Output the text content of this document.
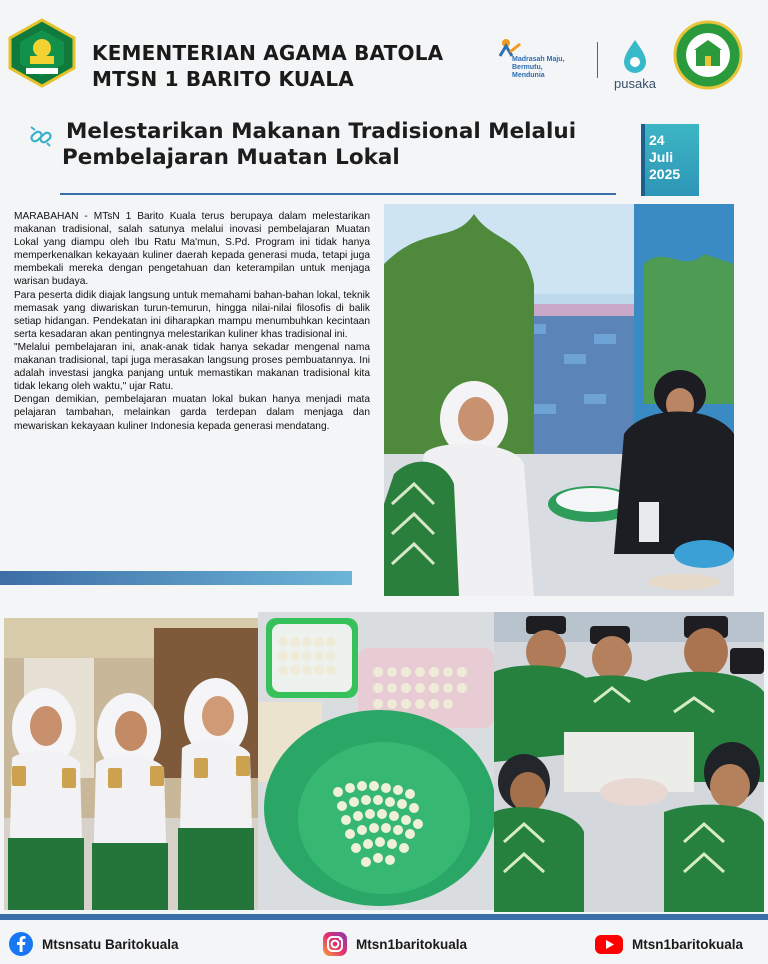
KEMENTERIAN AGAMA BATOLA
MTSN 1 BARITO KUALA
Madrasah Maju,
Bermutu,
Mendunia
pusaka
Melestarikan Makanan Tradisional Melalui
Pembelajaran Muatan Lokal
24
Juli
2025

MARABAHAN - MTsN 1 Barito Kuala terus berupaya dalam melestarikan makanan tradisional, salah satunya melalui inovasi pembelajaran Muatan Lokal yang diampu oleh Ibu Ratu Ma'mun, S.Pd. Program ini tidak hanya memperkenalkan kekayaan kuliner daerah kepada generasi muda, tetapi juga membekali mereka dengan pengetahuan dan keterampilan untuk menjaga warisan budaya.

Para peserta didik diajak langsung untuk memahami bahan-bahan lokal, teknik memasak yang diwariskan turun-temurun, hingga nilai-nilai filosofis di balik setiap hidangan. Pendekatan ini diharapkan mampu menumbuhkan kecintaan serta kesadaran akan pentingnya melestarikan kuliner khas tradisional ini.

"Melalui pembelajaran ini, anak-anak tidak hanya sekadar mengenal nama makanan tradisional, tapi juga merasakan langsung proses pembuatannya. Ini adalah investasi jangka panjang untuk memastikan makanan tradisional kita tidak lekang oleh waktu," ujar Ratu.

Dengan demikian, pembelajaran muatan lokal bukan hanya menjadi mata pelajaran tambahan, melainkan garda terdepan dalam menjaga dan mewariskan kekayaan kuliner Indonesia kepada generasi mendatang.

Mtsnsatu Baritokuala	Mtsn1baritokuala	Mtsn1baritokuala
